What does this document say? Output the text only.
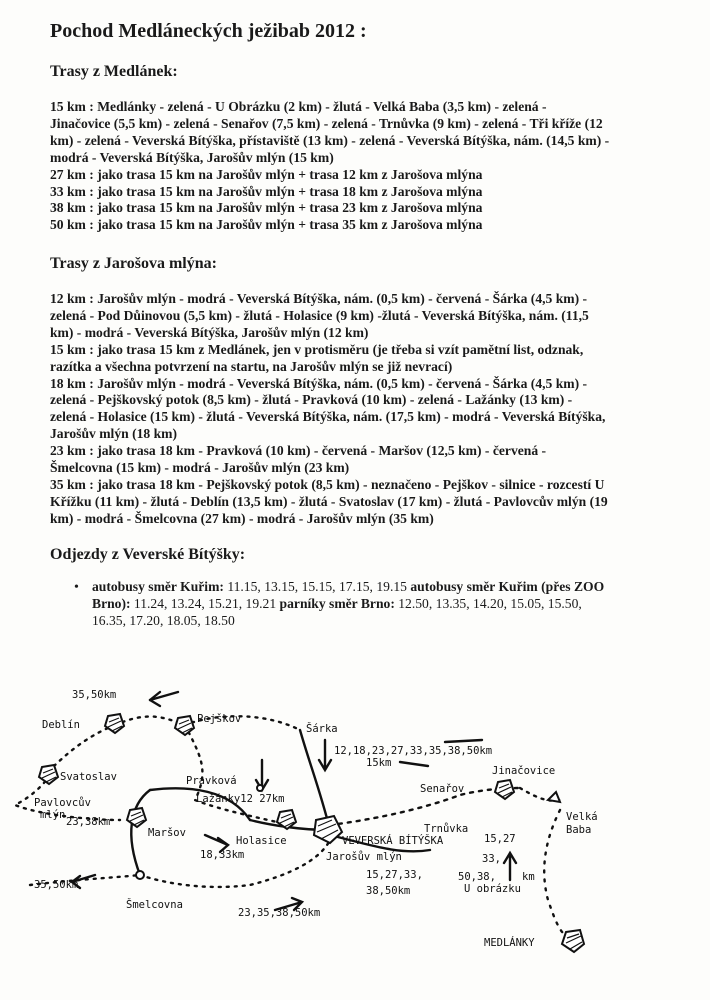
Pochod Medláneckých ježibab 2012 :
Trasy z Medlánek:

15 km : Medlánky - zelená - U Obrázku (2 km) - žlutá - Velká Baba (3,5 km) - zelená - Jinačovice (5,5 km) - zelená - Senařov (7,5 km) - zelená - Trnůvka (9 km) - zelená - Tři kříže (12 km) - zelená - Veverská Bítýška, přístaviště (13 km) - zelená - Veverská Bítýška, nám. (14,5 km) - modrá - Veverská Bítýška, Jarošův mlýn (15 km)

27 km : jako trasa 15 km na Jarošův mlýn + trasa 12 km z Jarošova mlýna

33 km : jako trasa 15 km na Jarošův mlýn + trasa 18 km z Jarošova mlýna

38 km : jako trasa 15 km na Jarošův mlýn + trasa 23 km z Jarošova mlýna

50 km : jako trasa 15 km na Jarošův mlýn + trasa 35 km z Jarošova mlýna

Trasy z Jarošova mlýna:

12 km : Jarošův mlýn - modrá - Veverská Bítýška, nám. (0,5 km) - červená - Šárka (4,5 km) - zelená - Pod Důinovou (5,5 km) - žlutá - Holasice (9 km) -žlutá - Veverská Bítýška, nám. (11,5 km) - modrá - Veverská Bítýška, Jarošův mlýn (12 km)

15 km : jako trasa 15 km z Medlánek, jen v protisměru (je třeba si vzít pamětní list, odznak, razítka a všechna potvrzení na startu, na Jarošův mlýn se již nevrací)

18 km : Jarošův mlýn - modrá - Veverská Bítýška, nám. (0,5 km) - červená - Šárka (4,5 km) - zelená - Pejškovský potok (8,5 km) - žlutá - Pravková (10 km) - zelená - Lažánky (13 km) - zelená - Holasice (15 km) - žlutá - Veverská Bítýška, nám. (17,5 km) - modrá - Veverská Bítýška, Jarošův mlýn (18 km)

23 km : jako trasa 18 km - Pravková (10 km) - červená - Maršov (12,5 km) - červená - Šmelcovna (15 km) - modrá - Jarošův mlýn (23 km)

35 km : jako trasa 18 km - Pejškovský potok (8,5 km) - neznačeno - Pejškov - silnice - rozcestí U Křížku (11 km) - žlutá - Deblín (13,5 km) - žlutá - Svatoslav (17 km) - žlutá - Pavlovcův mlýn (19 km) - modrá - Šmelcovna (27 km) - modrá - Jarošův mlýn (35 km)

Odjezdy z Veverské Bítýšky:
• autobusy směr Kuřim: 11.15, 13.15, 15.15, 17.15, 19.15 autobusy směr Kuřim (přes ZOO Brno): 11.24, 13.24, 15.21, 19.21 parníky směr Brno: 12.50, 13.35, 14.20, 15.05, 15.50, 16.35, 17.20, 18.05, 18.50

35,50km
Deblín	Pejškov
Šárka
12,18,23,27,33,35,38,50km
15km
Svatoslav	Pravková
Lažánky12 27km
Senařov
Jinačovice
Pavlovcův
mlýn
23,38km
Maršov
Holasice
18,33km
VEVERSKÁ BÍTÝŠKA
Jarošův mlýn
Trnůvka
Velká
Baba
15,27
33,
50,38, km
U obrázku
15,27,33,
38,50km
35,50km
Šmelcovna
23,35,38,50km
MEDLÁNKY
